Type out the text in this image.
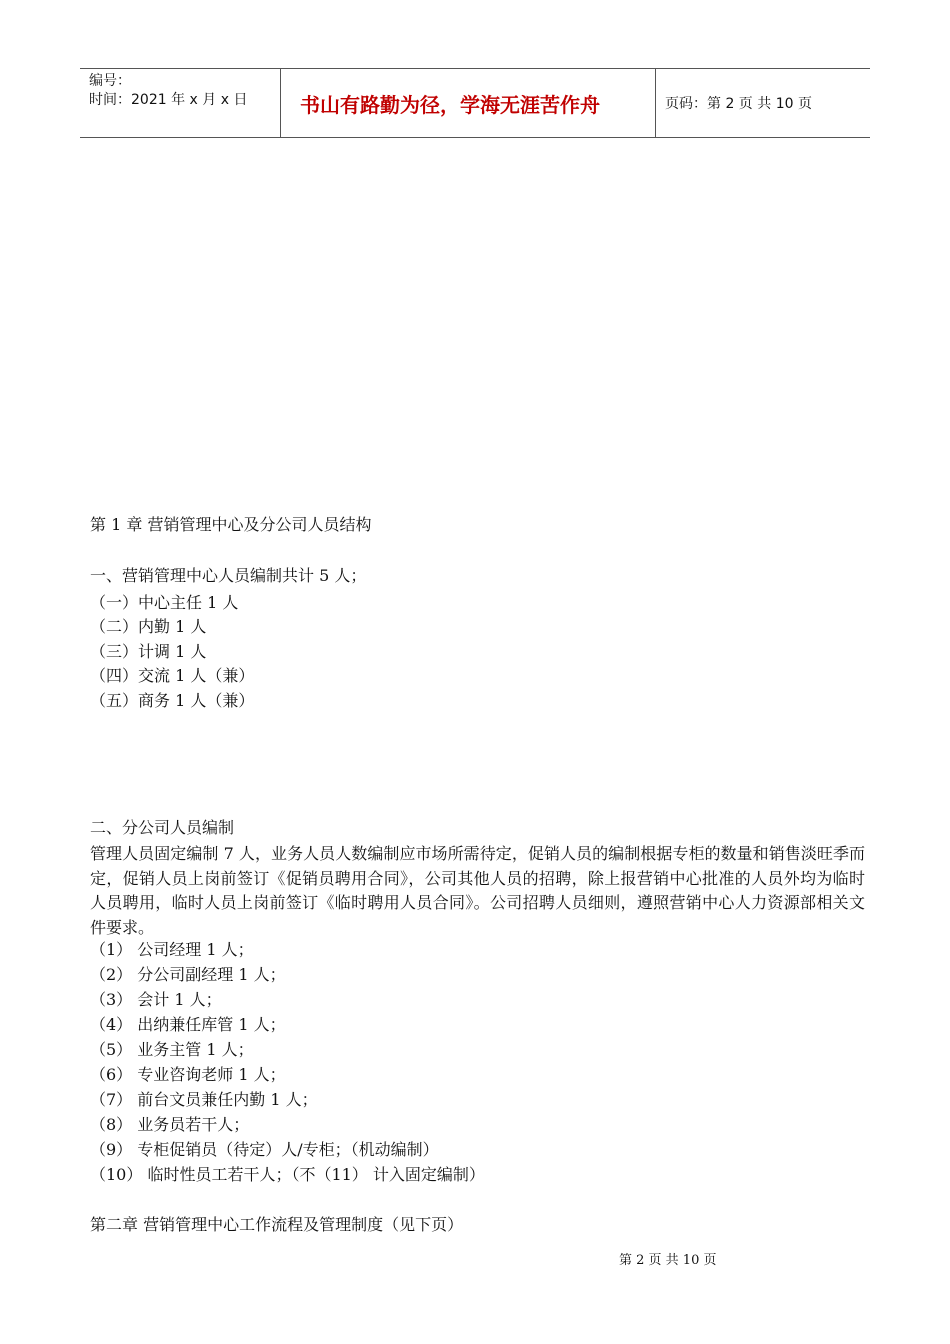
编号：
时间：2021 年 x 月 x 日	书山有路勤为径，学海无涯苦作舟	页码：第 2 页 共 10 页
第 1 章 营销管理中心及分公司人员结构
一、营销管理中心人员编制共计 5 人；
（一）中心主任 1 人
（二）内勤 1 人
（三）计调 1 人
（四）交流 1 人（兼）
（五）商务 1 人（兼）
二、分公司人员编制
管理人员固定编制 7 人，业务人员人数编制应市场所需待定，促销人员的编制根据专柜的数量和销售淡旺季而定，促销人员上岗前签订《促销员聘用合同》，公司其他人员的招聘，除上报营销中心批准的人员外均为临时人员聘用，临时人员上岗前签订《临时聘用人员合同》。公司招聘人员细则，遵照营销中心人力资源部相关文件要求。
（1） 公司经理 1 人；
（2） 分公司副经理 1 人；
（3） 会计 1 人；
（4） 出纳兼任库管 1 人；
（5） 业务主管 1 人；
（6） 专业咨询老师 1 人；
（7） 前台文员兼任内勤 1 人；
（8） 业务员若干人；
（9） 专柜促销员（待定）人/专柜；（机动编制）
（10） 临时性员工若干人；（不（11） 计入固定编制）
第二章 营销管理中心工作流程及管理制度（见下页）
第 2 页 共 10 页
